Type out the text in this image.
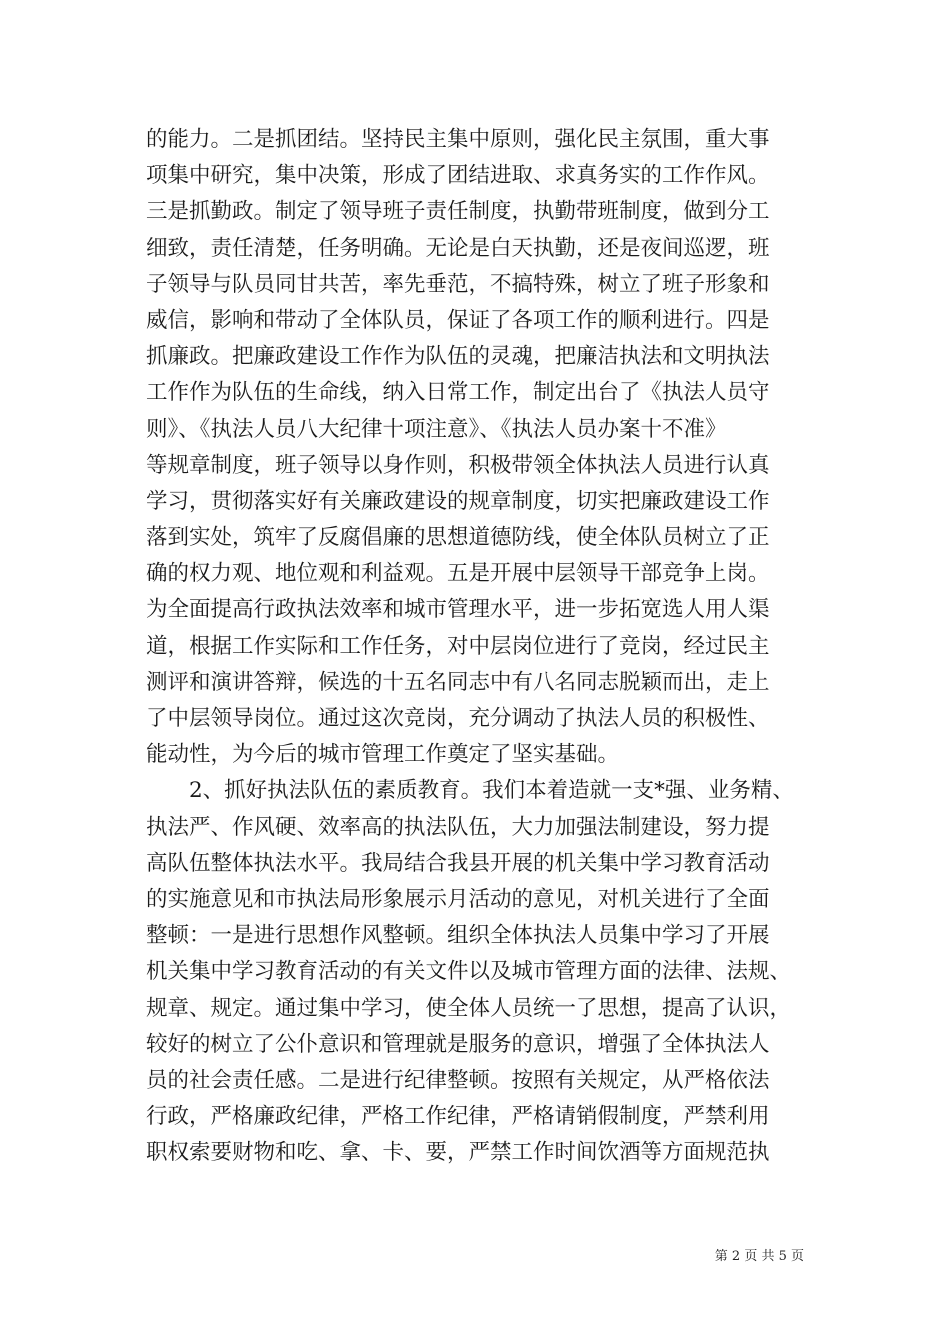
的能力。二是抓团结。坚持民主集中原则，强化民主氛围，重大事
项集中研究，集中决策，形成了团结进取、求真务实的工作作风。
三是抓勤政。制定了领导班子责任制度，执勤带班制度，做到分工
细致，责任清楚，任务明确。无论是白天执勤，还是夜间巡逻，班
子领导与队员同甘共苦，率先垂范，不搞特殊，树立了班子形象和
威信，影响和带动了全体队员，保证了各项工作的顺利进行。四是
抓廉政。把廉政建设工作作为队伍的灵魂，把廉洁执法和文明执法
工作作为队伍的生命线，纳入日常工作，制定出台了《执法人员守
则》、《执法人员八大纪律十项注意》、《执法人员办案十不准》
等规章制度，班子领导以身作则，积极带领全体执法人员进行认真
学习，贯彻落实好有关廉政建设的规章制度，切实把廉政建设工作
落到实处，筑牢了反腐倡廉的思想道德防线，使全体队员树立了正
确的权力观、地位观和利益观。五是开展中层领导干部竞争上岗。
为全面提高行政执法效率和城市管理水平，进一步拓宽选人用人渠
道，根据工作实际和工作任务，对中层岗位进行了竞岗，经过民主
测评和演讲答辩，候选的十五名同志中有八名同志脱颖而出，走上
了中层领导岗位。通过这次竞岗，充分调动了执法人员的积极性、
能动性，为今后的城市管理工作奠定了坚实基础。
2、抓好执法队伍的素质教育。我们本着造就一支*强、业务精、
执法严、作风硬、效率高的执法队伍，大力加强法制建设，努力提
高队伍整体执法水平。我局结合我县开展的机关集中学习教育活动
的实施意见和市执法局形象展示月活动的意见，对机关进行了全面
整顿：一是进行思想作风整顿。组织全体执法人员集中学习了开展
机关集中学习教育活动的有关文件以及城市管理方面的法律、法规、
规章、规定。通过集中学习，使全体人员统一了思想，提高了认识，
较好的树立了公仆意识和管理就是服务的意识，增强了全体执法人
员的社会责任感。二是进行纪律整顿。按照有关规定，从严格依法
行政，严格廉政纪律，严格工作纪律，严格请销假制度，严禁利用
职权索要财物和吃、拿、卡、要，严禁工作时间饮酒等方面规范执
第 2 页 共 5 页
